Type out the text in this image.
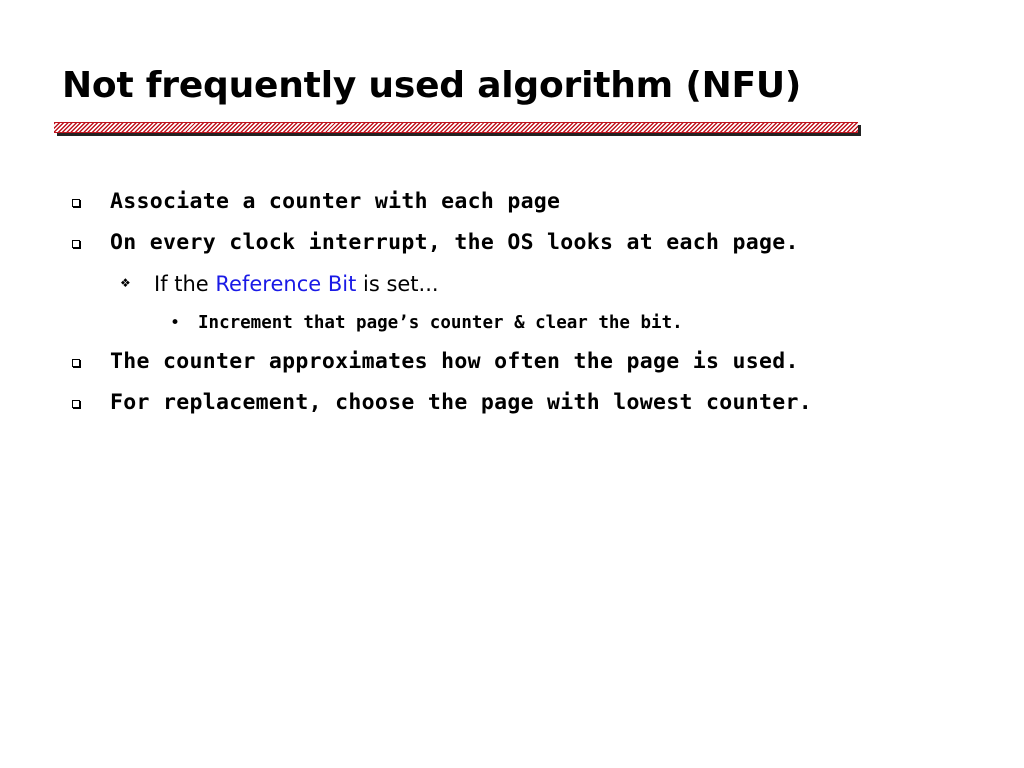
Not frequently used algorithm (NFU)
Associate a counter with each page
On every clock interrupt, the OS looks at each page.
❖ If the Reference Bit is set...
• Increment that page’s counter & clear the bit.
The counter approximates how often the page is used.
For replacement, choose the page with lowest counter.
